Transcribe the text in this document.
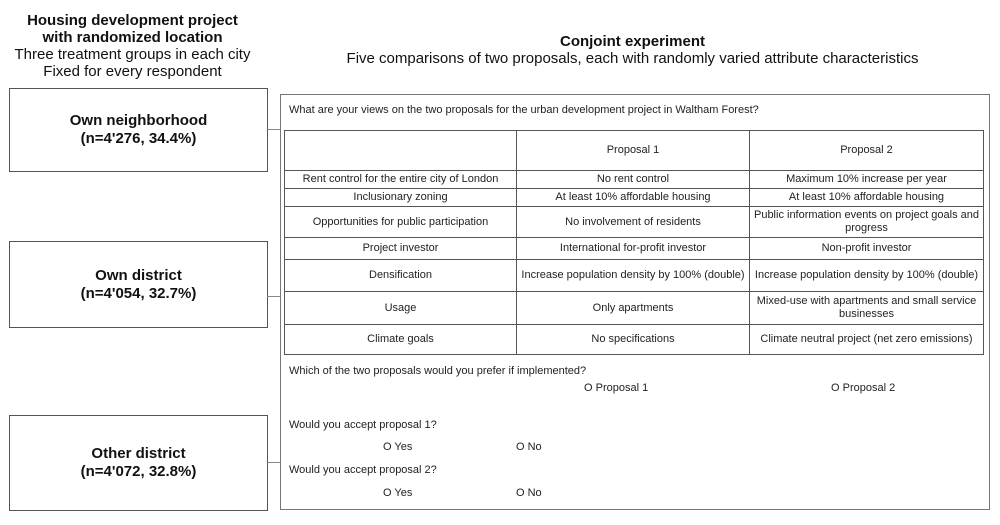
Housing development project
with randomized location
Three treatment groups in each city
Fixed for every respondent
Conjoint experiment
Five comparisons of two proposals, each with randomly varied attribute characteristics
Own neighborhood
(n=4'276, 34.4%)
Own district
(n=4'054, 32.7%)
Other district
(n=4'072, 32.8%)
What are your views on the two proposals for the urban development project in Waltham Forest?
	Proposal 1	Proposal 2
Rent control for the entire city of London	No rent control	Maximum 10% increase per year
Inclusionary zoning	At least 10% affordable housing	At least 10% affordable housing
Opportunities for public participation	No involvement of residents	Public information events on project goals and progress
Project investor	International for-profit investor	Non-profit investor
Densification	Increase population density by 100% (double)	Increase population density by 100% (double)
Usage	Only apartments	Mixed-use with apartments and small service businesses
Climate goals	No specifications	Climate neutral project (net zero emissions)
Which of the two proposals would you prefer if implemented?
O Proposal 1	O Proposal 2
Would you accept proposal 1?
O Yes	O No
Would you accept proposal 2?
O Yes	O No
